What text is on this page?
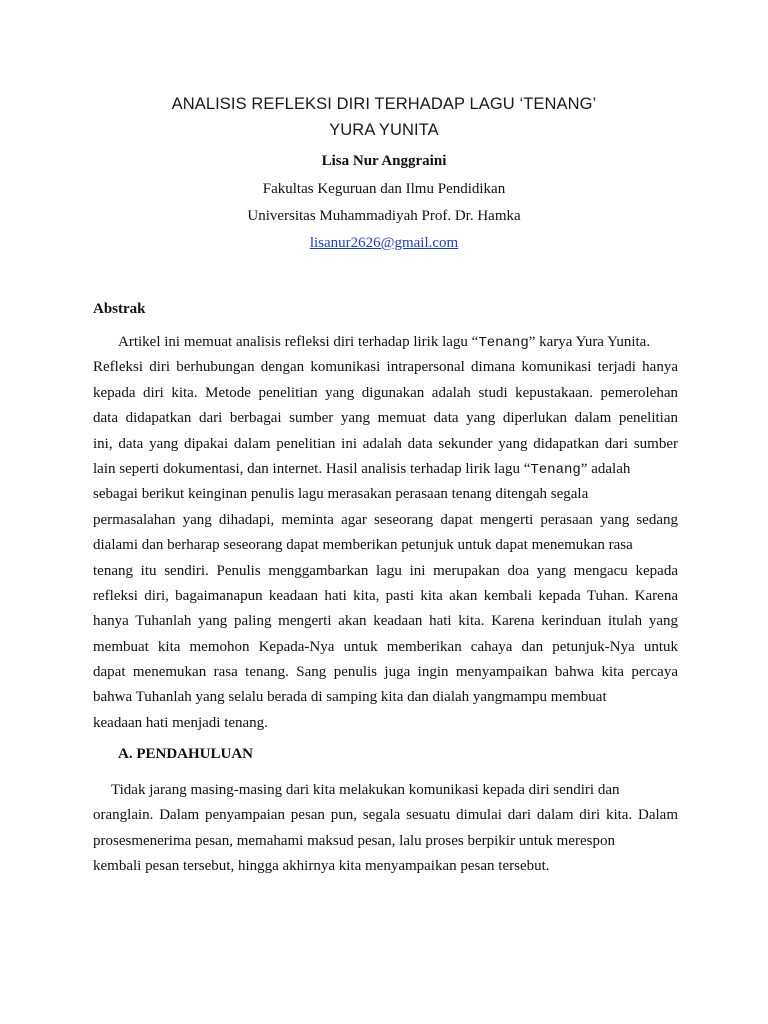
ANALISIS REFLEKSI DIRI TERHADAP LAGU ‘TENANG’
YURA YUNITA
Lisa Nur Anggraini
Fakultas Keguruan dan Ilmu Pendidikan
Universitas Muhammadiyah Prof. Dr. Hamka
lisanur2626@gmail.com
Abstrak
Artikel ini memuat analisis refleksi diri terhadap lirik lagu “Tenang” karya Yura Yunita.
Refleksi diri berhubungan dengan komunikasi intrapersonal dimana komunikasi terjadi hanya
kepada diri kita. Metode penelitian yang digunakan adalah studi kepustakaan. pemerolehan
data didapatkan dari berbagai sumber yang memuat data yang diperlukan dalam penelitian
ini, data yang dipakai dalam penelitian ini adalah data sekunder yang didapatkan dari sumber
lain seperti dokumentasi, dan internet. Hasil analisis terhadap lirik lagu “Tenang” adalah
sebagai berikut keinginan penulis lagu merasakan perasaan tenang ditengah segala
permasalahan yang dihadapi, meminta agar seseorang dapat mengerti perasaan yang sedang
dialami dan berharap seseorang dapat memberikan petunjuk untuk dapat menemukan rasa
tenang itu sendiri. Penulis menggambarkan lagu ini merupakan doa yang mengacu kepada
refleksi diri, bagaimanapun keadaan hati kita, pasti kita akan kembali kepada Tuhan. Karena
hanya Tuhanlah yang paling mengerti akan keadaan hati kita. Karena kerinduan itulah yang
membuat kita memohon Kepada-Nya untuk memberikan cahaya dan petunjuk-Nya untuk
dapat menemukan rasa tenang. Sang penulis juga ingin menyampaikan bahwa kita percaya
bahwa Tuhanlah yang selalu berada di samping kita dan dialah yangmampu membuat
keadaan hati menjadi tenang.
A. PENDAHULUAN
Tidak jarang masing-masing dari kita melakukan komunikasi kepada diri sendiri dan
oranglain. Dalam penyampaian pesan pun, segala sesuatu dimulai dari dalam diri kita. Dalam
prosesmenerima pesan, memahami maksud pesan, lalu proses berpikir untuk merespon
kembali pesan tersebut, hingga akhirnya kita menyampaikan pesan tersebut.
